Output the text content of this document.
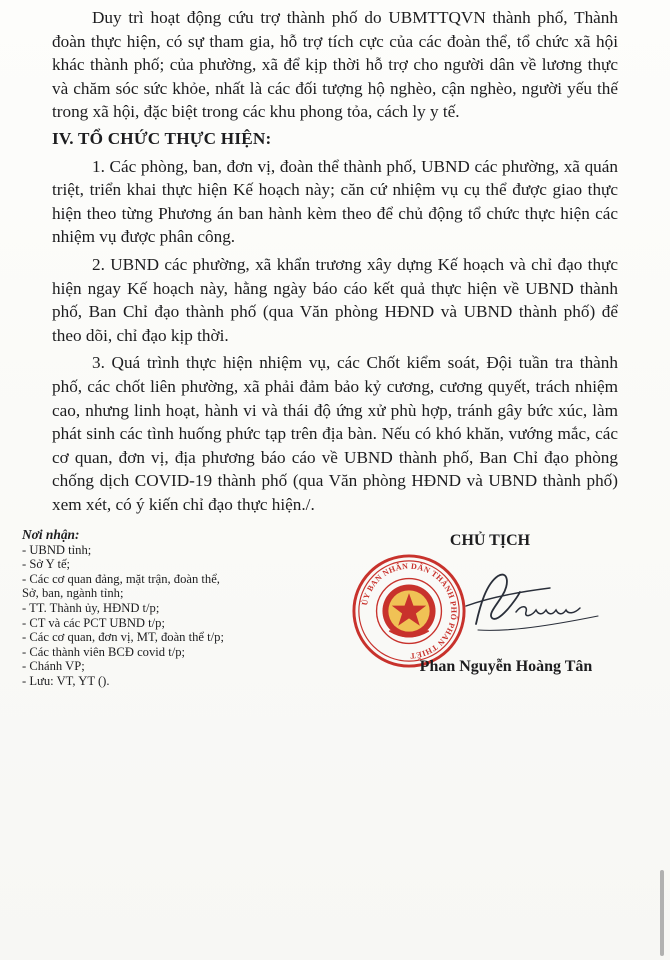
Duy trì hoạt động cứu trợ thành phố do UBMTTQVN thành phố, Thành đoàn thực hiện, có sự tham gia, hỗ trợ tích cực của các đoàn thể, tổ chức xã hội khác thành phố; của phường, xã để kịp thời hỗ trợ cho người dân về lương thực và chăm sóc sức khỏe, nhất là các đối tượng hộ nghèo, cận nghèo, người yếu thế trong xã hội, đặc biệt trong các khu phong tỏa, cách ly y tế.

IV. TỔ CHỨC THỰC HIỆN:

1. Các phòng, ban, đơn vị, đoàn thể thành phố, UBND các phường, xã quán triệt, triển khai thực hiện Kế hoạch này; căn cứ nhiệm vụ cụ thể được giao thực hiện theo từng Phương án ban hành kèm theo để chủ động tổ chức thực hiện các nhiệm vụ được phân công.

2. UBND các phường, xã khẩn trương xây dựng Kế hoạch và chỉ đạo thực hiện ngay Kế hoạch này, hằng ngày báo cáo kết quả thực hiện về UBND thành phố, Ban Chỉ đạo thành phố (qua Văn phòng HĐND và UBND thành phố) để theo dõi, chỉ đạo kịp thời.

3. Quá trình thực hiện nhiệm vụ, các Chốt kiểm soát, Đội tuần tra thành phố, các chốt liên phường, xã phải đảm bảo kỷ cương, cương quyết, trách nhiệm cao, nhưng linh hoạt, hành vi và thái độ ứng xử phù hợp, tránh gây bức xúc, làm phát sinh các tình huống phức tạp trên địa bàn. Nếu có khó khăn, vướng mắc, các cơ quan, đơn vị, địa phương báo cáo về UBND thành phố, Ban Chỉ đạo phòng chống dịch COVID-19 thành phố (qua Văn phòng HĐND và UBND thành phố) xem xét, có ý kiến chỉ đạo thực hiện./.

Nơi nhận:
- UBND tỉnh;
- Sở Y tế;
- Các cơ quan đảng, mặt trận, đoàn thể,
Sở, ban, ngành tỉnh;
- TT. Thành ủy, HĐND t/p;
- CT và các PCT UBND t/p;
- Các cơ quan, đơn vị, MT, đoàn thể t/p;
- Các thành viên BCĐ covid t/p;
- Chánh VP;
- Lưu: VT, YT ().
CHỦ TỊCH
ỦY BAN NHÂN DÂN THÀNH PHỐ PHAN THIẾT
Phan Nguyễn Hoàng Tân
